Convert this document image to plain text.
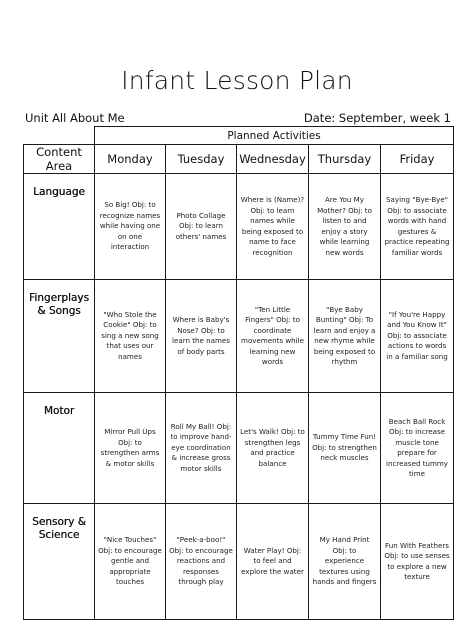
Infant Lesson Plan
Unit All About Me	Date: September, week 1
	Planned Activities				
Content Area	Monday	Tuesday	Wednesday	Thursday	Friday
Language	So Big! Obj: to recognize names while having one on one interaction	Photo Collage Obj: to learn others' names	Where is (Name)? Obj: to learn names while being exposed to name to face recognition	Are You My Mother? Obj: to listen to and enjoy a story while learning new words	Saying "Bye-Bye" Obj: to associate words with hand gestures & practice repeating familiar words
Fingerplays & Songs	"Who Stole the Cookie" Obj: to sing a new song that uses our names	Where is Baby's Nose? Obj: to learn the names of body parts	"Ten Little Fingers" Obj: to coordinate movements while learning new words	"Bye Baby Bunting" Obj: To learn and enjoy a new rhyme while being exposed to rhythm	"If You're Happy and You Know It" Obj: to associate actions to words in a familiar song
Motor	Mirror Pull Ups Obj: to strengthen arms & motor skills	Roll My Ball! Obj: to improve hand-eye coordination & increase gross motor skills	Let's Walk! Obj: to strengthen legs and practice balance	Tummy Time Fun! Obj: to strengthen neck muscles	Beach Ball Rock Obj: to increase muscle tone prepare for increased tummy time
Sensory & Science	"Nice Touches" Obj: to encourage gentle and appropriate touches	"Peek-a-boo!" Obj: to encourage reactions and responses through play	Water Play! Obj: to feel and explore the water	My Hand Print Obj: to experience textures using hands and fingers	Fun With Feathers Obj: to use senses to explore a new texture
